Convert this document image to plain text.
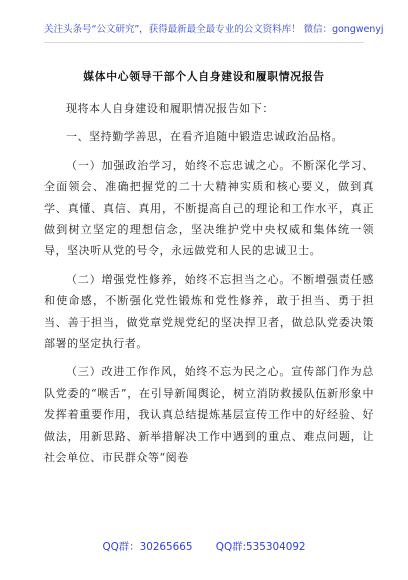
关注头条号“公文研究”，获得最新最全最专业的公文资料库！ 微信：gongwenyj
媒体中心领导干部个人自身建设和履职情况报告

现将本人自身建设和履职情况报告如下：

一、坚持勤学善思，在看齐追随中锻造忠诚政治品格。

（一）加强政治学习，始终不忘忠诚之心。不断深化学习、全面领会、准确把握党的二十大精神实质和核心要义，做到真学、真懂、真信、真用，不断提高自己的理论和工作水平，真正做到树立坚定的理想信念，坚决维护党中央权威和集体统一领导，坚决听从党的号令，永远做党和人民的忠诚卫士。

（二）增强党性修养，始终不忘担当之心。不断增强责任感和使命感，不断强化党性锻炼和党性修养，敢于担当、勇于担当、善于担当，做党章党规党纪的坚决捍卫者，做总队党委决策部署的坚定执行者。

（三）改进工作作风，始终不忘为民之心。宣传部门作为总队党委的“喉舌”，在引导新闻舆论，树立消防救援队伍新形象中发挥着重要作用，我认真总结提炼基层宣传工作中的好经验、好做法，用新思路、新举措解决工作中遇到的重点、难点问题，让社会单位、市民群众等“阅卷

QQ群：30265665 QQ群:535304092
